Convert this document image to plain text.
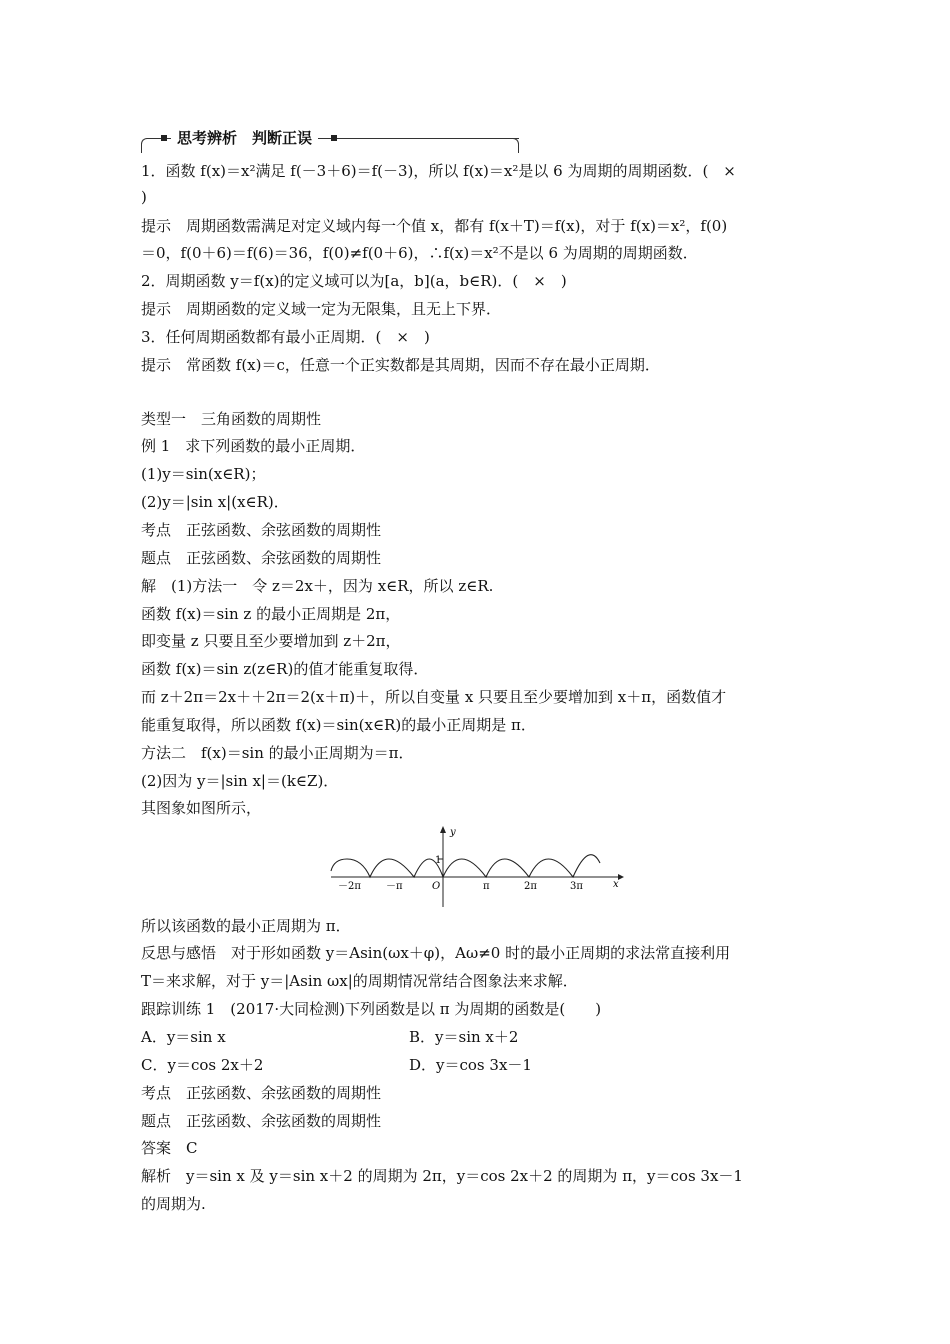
思考辨析　判断正误
1．函数 f(x)＝x²满足 f(－3＋6)＝f(－3)，所以 f(x)＝x²是以 6 为周期的周期函数．(　×
)
提示　周期函数需满足对定义域内每一个值 x，都有 f(x＋T)＝f(x)，对于 f(x)＝x²，f(0)
＝0，f(0＋6)＝f(6)＝36，f(0)≠f(0＋6)，∴f(x)＝x²不是以 6 为周期的周期函数．
2．周期函数 y＝f(x)的定义域可以为[a，b](a，b∈R)．(　×　)
提示　周期函数的定义域一定为无限集，且无上下界．
3．任何周期函数都有最小正周期．(　×　)
提示　常函数 f(x)＝c，任意一个正实数都是其周期，因而不存在最小正周期．
类型一　三角函数的周期性
例 1　求下列函数的最小正周期．
(1)y＝sin(x∈R)；
(2)y＝|sin x|(x∈R)．
考点　正弦函数、余弦函数的周期性
题点　正弦函数、余弦函数的周期性
解　(1)方法一　令 z＝2x＋，因为 x∈R，所以 z∈R.
函数 f(x)＝sin z 的最小正周期是 2π，
即变量 z 只要且至少要增加到 z＋2π，
函数 f(x)＝sin z(z∈R)的值才能重复取得．
而 z＋2π＝2x＋＋2π＝2(x＋π)＋，所以自变量 x 只要且至少要增加到 x＋π，函数值才
能重复取得，所以函数 f(x)＝sin(x∈R)的最小正周期是 π．
方法二　f(x)＝sin 的最小正周期为＝π．
(2)因为 y＝|sin x|＝(k∈Z)．
其图象如图所示，
所以该函数的最小正周期为 π．
反思与感悟　对于形如函数 y＝Asin(ωx＋φ)，Aω≠0 时的最小正周期的求法常直接利用
T＝来求解，对于 y＝|Asin ωx|的周期情况常结合图象法来求解．
跟踪训练 1　(2017·大同检测)下列函数是以 π 为周期的函数是(　　)
A．y＝sin x	B．y＝sin x＋2
C．y＝cos 2x＋2	D．y＝cos 3x－1
考点　正弦函数、余弦函数的周期性
题点　正弦函数、余弦函数的周期性
答案　C
解析　y＝sin x 及 y＝sin x＋2 的周期为 2π，y＝cos 2x＋2 的周期为 π，y＝cos 3x－1
的周期为.
y
x
1
－2π	－π	O	π	2π	3π
